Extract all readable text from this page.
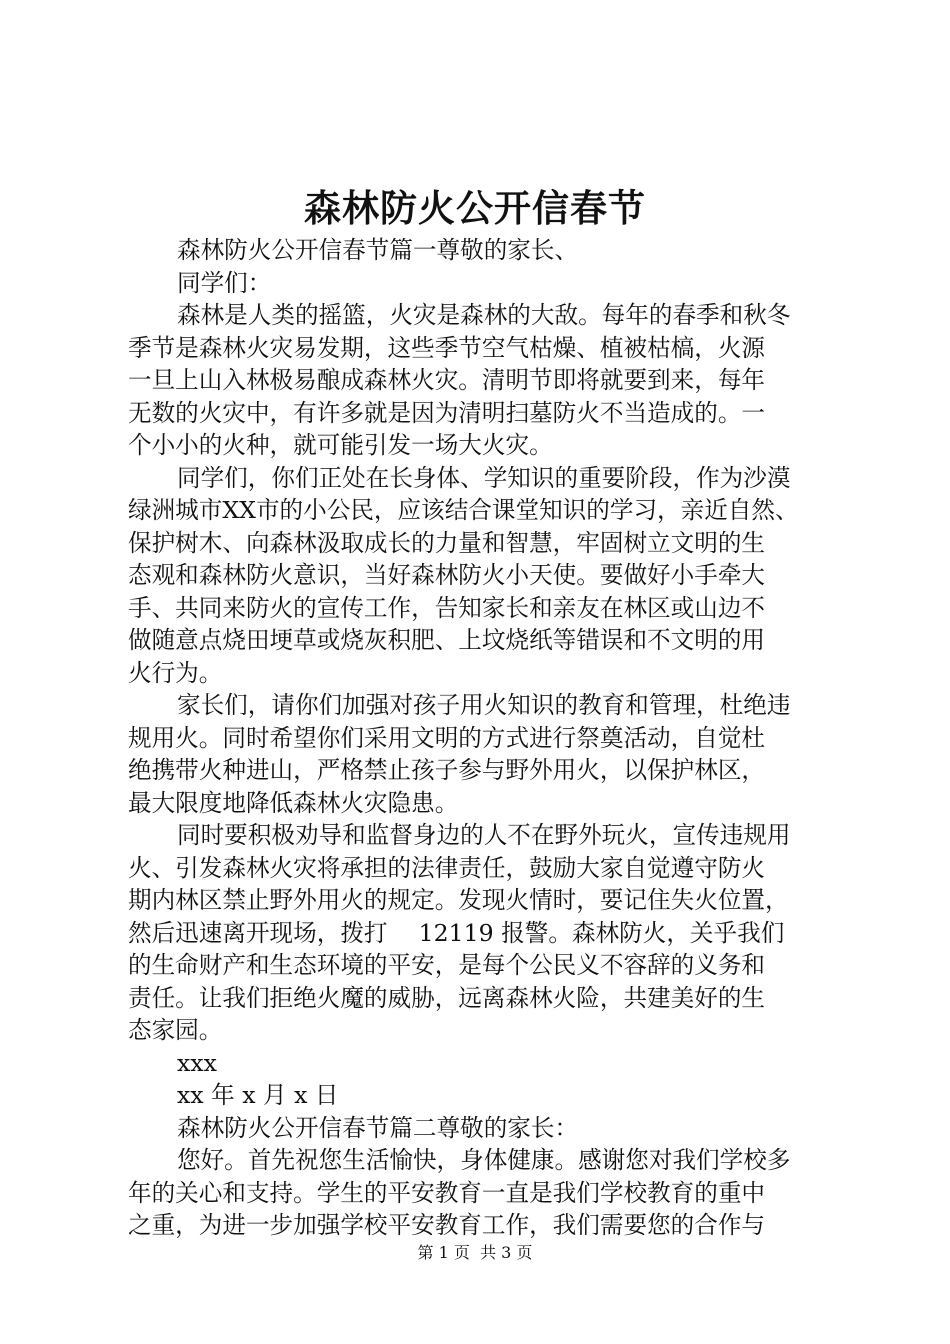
森林防火公开信春节
森林防火公开信春节篇一尊敬的家长、
同学们：
森林是人类的摇篮，火灾是森林的大敌。每年的春季和秋冬
季节是森林火灾易发期，这些季节空气枯燥、植被枯槁，火源
一旦上山入林极易酿成森林火灾。清明节即将就要到来，每年
无数的火灾中，有许多就是因为清明扫墓防火不当造成的。一
个小小的火种，就可能引发一场大火灾。
同学们，你们正处在长身体、学知识的重要阶段，作为沙漠
绿洲城市XX市的小公民，应该结合课堂知识的学习，亲近自然、
保护树木、向森林汲取成长的力量和智慧，牢固树立文明的生
态观和森林防火意识，当好森林防火小天使。要做好小手牵大
手、共同来防火的宣传工作，告知家长和亲友在林区或山边不
做随意点烧田埂草或烧灰积肥、上坟烧纸等错误和不文明的用
火行为。
家长们，请你们加强对孩子用火知识的教育和管理，杜绝违
规用火。同时希望你们采用文明的方式进行祭奠活动，自觉杜
绝携带火种进山，严格禁止孩子参与野外用火，以保护林区，
最大限度地降低森林火灾隐患。
同时要积极劝导和监督身边的人不在野外玩火，宣传违规用
火、引发森林火灾将承担的法律责任，鼓励大家自觉遵守防火
期内林区禁止野外用火的规定。发现火情时，要记住失火位置，
然后迅速离开现场，拨打　 12119 报警。森林防火，关乎我们
的生命财产和生态环境的平安，是每个公民义不容辞的义务和
责任。让我们拒绝火魔的威胁，远离森林火险，共建美好的生
态家园。
xxx
xx 年 x 月 x 日
森林防火公开信春节篇二尊敬的家长：
您好。首先祝您生活愉快，身体健康。感谢您对我们学校多
年的关心和支持。学生的平安教育一直是我们学校教育的重中
之重，为进一步加强学校平安教育工作，我们需要您的合作与
第 1 页  共 3 页
